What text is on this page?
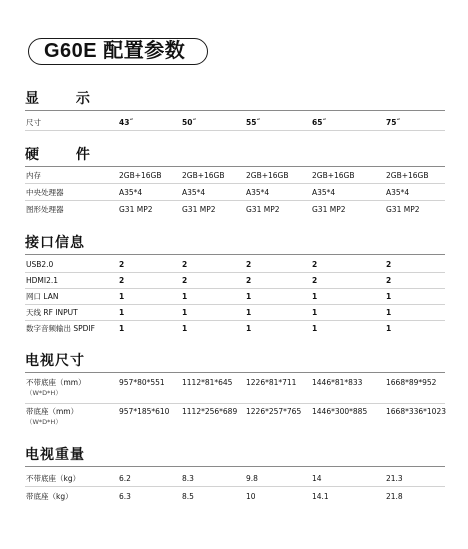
G60E 配置参数
显 示
尺寸	43˝	50˝	55˝	65˝	75˝
硬 件
内存	2GB+16GB	2GB+16GB	2GB+16GB	2GB+16GB	2GB+16GB
中央处理器	A35*4	A35*4	A35*4	A35*4	A35*4
图形处理器	G31 MP2	G31 MP2	G31 MP2	G31 MP2	G31 MP2
接口信息
USB2.0	2	2	2	2	2
HDMI2.1	2	2	2	2	2
网口 LAN	1	1	1	1	1
天线 RF INPUT	1	1	1	1	1
数字音频输出 SPDIF	1	1	1	1	1
电视尺寸
不带底座（mm）
（W*D*H）
957*80*551 1112*81*645 1226*81*711 1446*81*833	1668*89*952
带底座（mm）
（W*D*H）
957*185*610 1112*256*689 1226*257*765 1446*300*885	1668*336*1023
电视重量
不带底座（kg）	6.2	8.3	9.8	14	21.3
带底座（kg）	6.3	8.5	10	14.1	21.8
